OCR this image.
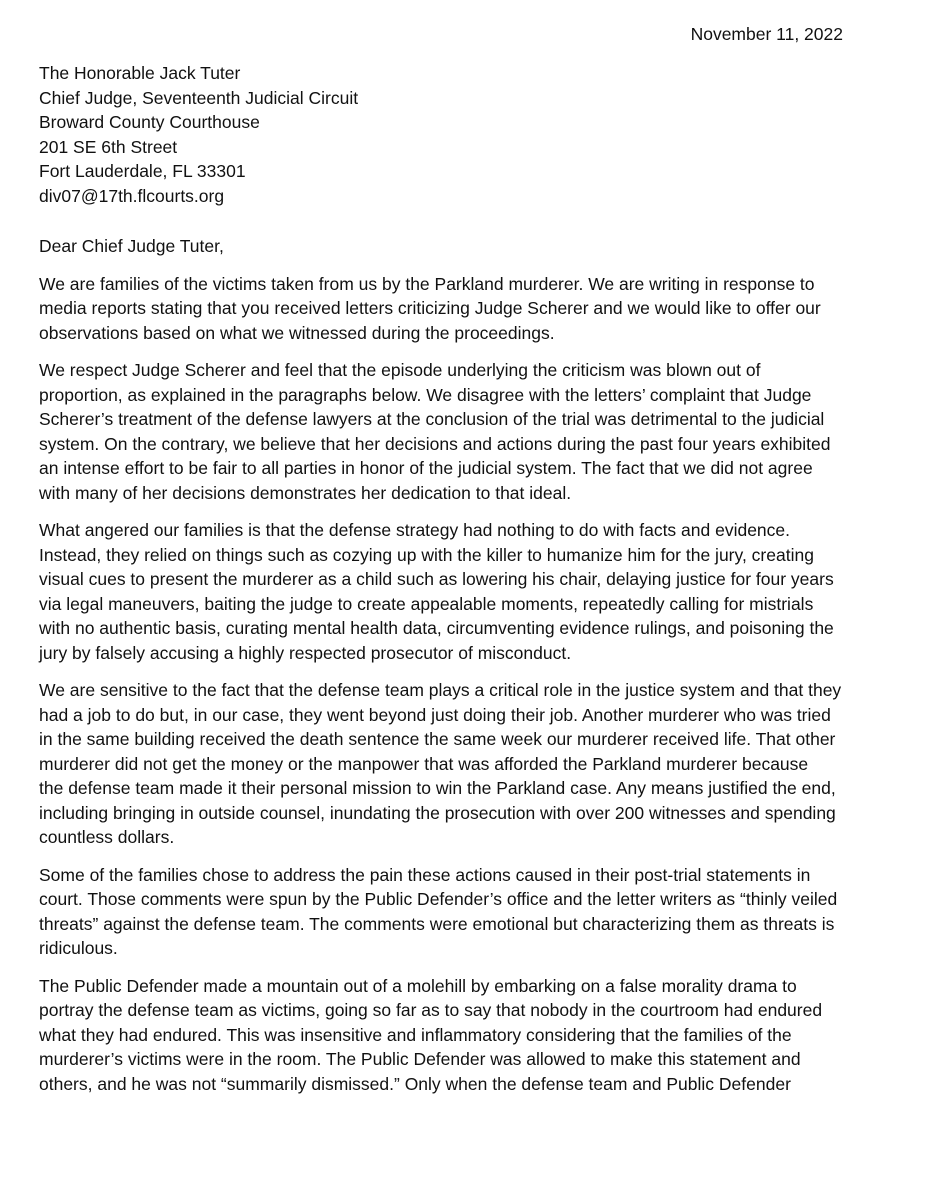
November 11, 2022
The Honorable Jack Tuter
Chief Judge, Seventeenth Judicial Circuit
Broward County Courthouse
201 SE 6th Street
Fort Lauderdale, FL 33301
div07@17th.flcourts.org
Dear Chief Judge Tuter,
We are families of the victims taken from us by the Parkland murderer. We are writing in response to
media reports stating that you received letters criticizing Judge Scherer and we would like to offer our
observations based on what we witnessed during the proceedings.
We respect Judge Scherer and feel that the episode underlying the criticism was blown out of
proportion, as explained in the paragraphs below. We disagree with the letters’ complaint that Judge
Scherer’s treatment of the defense lawyers at the conclusion of the trial was detrimental to the judicial
system. On the contrary, we believe that her decisions and actions during the past four years exhibited
an intense effort to be fair to all parties in honor of the judicial system. The fact that we did not agree
with many of her decisions demonstrates her dedication to that ideal.
What angered our families is that the defense strategy had nothing to do with facts and evidence.
Instead, they relied on things such as cozying up with the killer to humanize him for the jury, creating
visual cues to present the murderer as a child such as lowering his chair, delaying justice for four years
via legal maneuvers, baiting the judge to create appealable moments, repeatedly calling for mistrials
with no authentic basis, curating mental health data, circumventing evidence rulings, and poisoning the
jury by falsely accusing a highly respected prosecutor of misconduct.
We are sensitive to the fact that the defense team plays a critical role in the justice system and that they
had a job to do but, in our case, they went beyond just doing their job. Another murderer who was tried
in the same building received the death sentence the same week our murderer received life. That other
murderer did not get the money or the manpower that was afforded the Parkland murderer because
the defense team made it their personal mission to win the Parkland case. Any means justified the end,
including bringing in outside counsel, inundating the prosecution with over 200 witnesses and spending
countless dollars.
Some of the families chose to address the pain these actions caused in their post-trial statements in
court. Those comments were spun by the Public Defender’s office and the letter writers as “thinly veiled
threats” against the defense team. The comments were emotional but characterizing them as threats is
ridiculous.
The Public Defender made a mountain out of a molehill by embarking on a false morality drama to
portray the defense team as victims, going so far as to say that nobody in the courtroom had endured
what they had endured. This was insensitive and inflammatory considering that the families of the
murderer’s victims were in the room. The Public Defender was allowed to make this statement and
others, and he was not “summarily dismissed.” Only when the defense team and Public Defender
